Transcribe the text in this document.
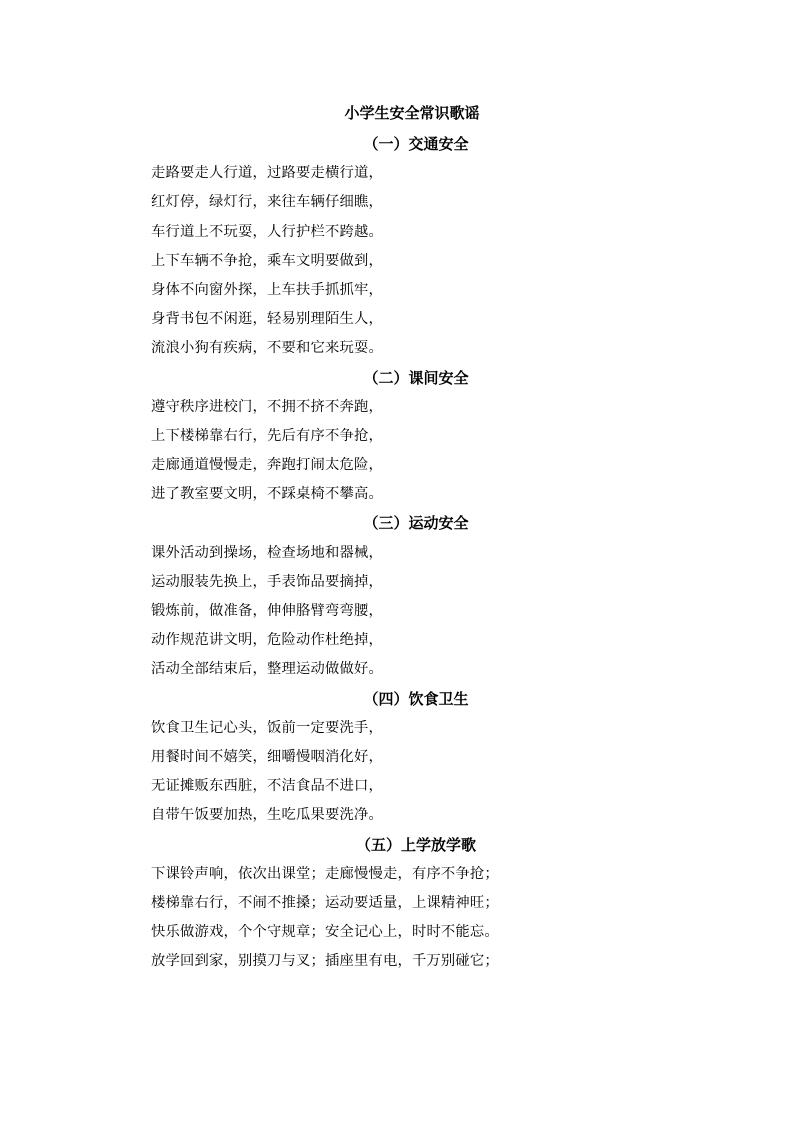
小学生安全常识歌谣
（一）交通安全
走路要走人行道，过路要走横行道，
红灯停，绿灯行，来往车辆仔细瞧，
车行道上不玩耍，人行护栏不跨越。
上下车辆不争抢，乘车文明要做到，
身体不向窗外探，上车扶手抓抓牢，
身背书包不闲逛，轻易别理陌生人，
流浪小狗有疾病，不要和它来玩耍。
（二）课间安全
遵守秩序进校门，不拥不挤不奔跑，
上下楼梯靠右行，先后有序不争抢，
走廊通道慢慢走，奔跑打闹太危险，
进了教室要文明，不踩桌椅不攀高。
（三）运动安全
课外活动到操场，检查场地和器械，
运动服装先换上，手表饰品要摘掉，
锻炼前，做准备，伸伸胳臂弯弯腰，
动作规范讲文明，危险动作杜绝掉，
活动全部结束后，整理运动做做好。
（四）饮食卫生
饮食卫生记心头，饭前一定要洗手，
用餐时间不嬉笑，细嚼慢咽消化好，
无证摊贩东西脏，不洁食品不进口，
自带午饭要加热，生吃瓜果要洗净。
（五）上学放学歌
下课铃声响，依次出课堂；走廊慢慢走，有序不争抢；
楼梯靠右行，不闹不推搡；运动要适量，上课精神旺；
快乐做游戏，个个守规章；安全记心上，时时不能忘。
放学回到家，别摸刀与叉；插座里有电，千万别碰它；
